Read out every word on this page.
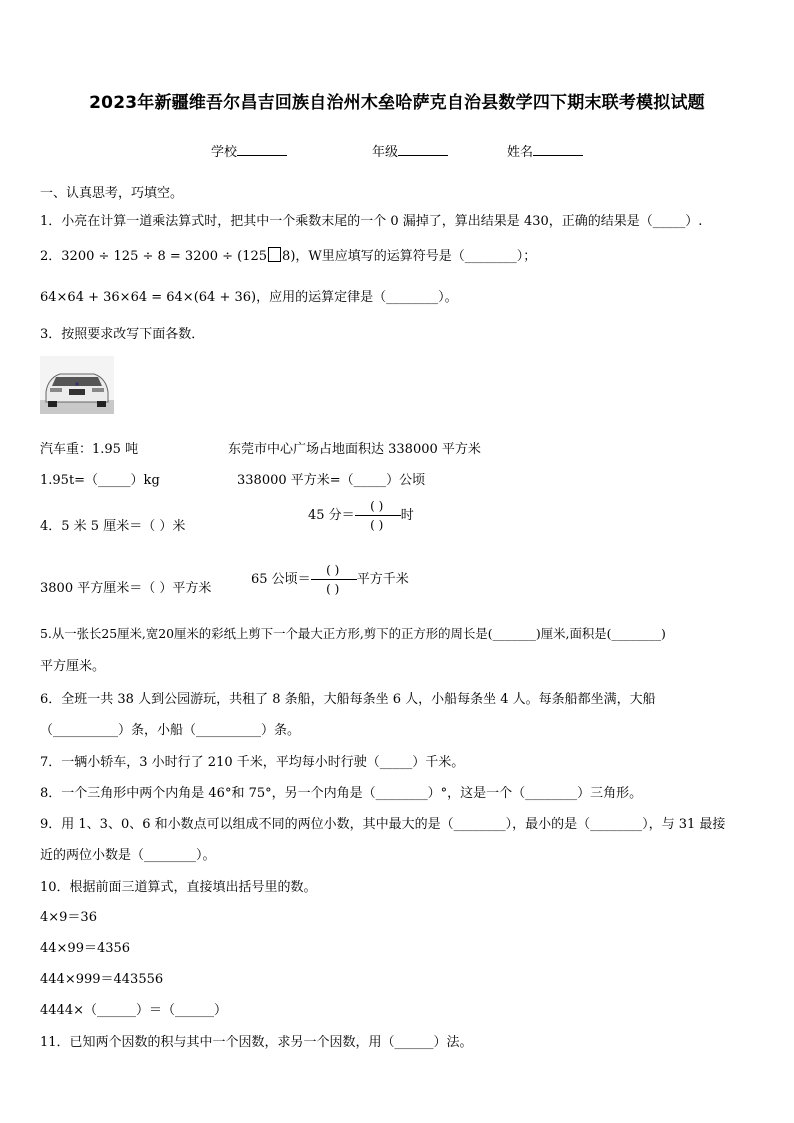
2023年新疆维吾尔昌吉回族自治州木垒哈萨克自治县数学四下期末联考模拟试题
学校	年级	姓名
一、认真思考，巧填空。
1．小亮在计算一道乘法算式时，把其中一个乘数末尾的一个 0 漏掉了，算出结果是 430，正确的结果是（_____）.
2．3200 ÷ 125 ÷ 8 = 3200 ÷ (125 8)，W里应填写的运算符号是（________）；
64×64 + 36×64 = 64×(64 + 36)，应用的运算定律是（________）。
3．按照要求改写下面各数．
汽车重：1.95 吨	东莞市中心广场占地面积达 338000 平方米
1.95t=（_____）kg	338000 平方米=（_____）公顷
4．5 米 5 厘米＝（ ）米
45 分＝ $\frac{( )}{( )}$ 时
3800 平方厘米＝（ ）平方米
65 公顷＝ $\frac{( )}{( )}$ 平方千米
5.从一张长25厘米,宽20厘米的彩纸上剪下一个最大正方形,剪下的正方形的周长是(_______)厘米,面积是(________)
平方厘米。
6．全班一共 38 人到公园游玩，共租了 8 条船，大船每条坐 6 人，小船每条坐 4 人。每条船都坐满，大船
（__________）条，小船（__________）条。
7．一辆小轿车，3 小时行了 210 千米，平均每小时行驶（_____）千米。
8．一个三角形中两个内角是 46°和 75°，另一个内角是（________）°，这是一个（________）三角形。
9．用 1、3、0、6 和小数点可以组成不同的两位小数，其中最大的是（________），最小的是（________），与 31 最接
近的两位小数是（________）。
10．根据前面三道算式，直接填出括号里的数。
4×9＝36
44×99＝4356
444×999＝443556
4444×（______）＝（______）
11．已知两个因数的积与其中一个因数，求另一个因数，用（______）法。
